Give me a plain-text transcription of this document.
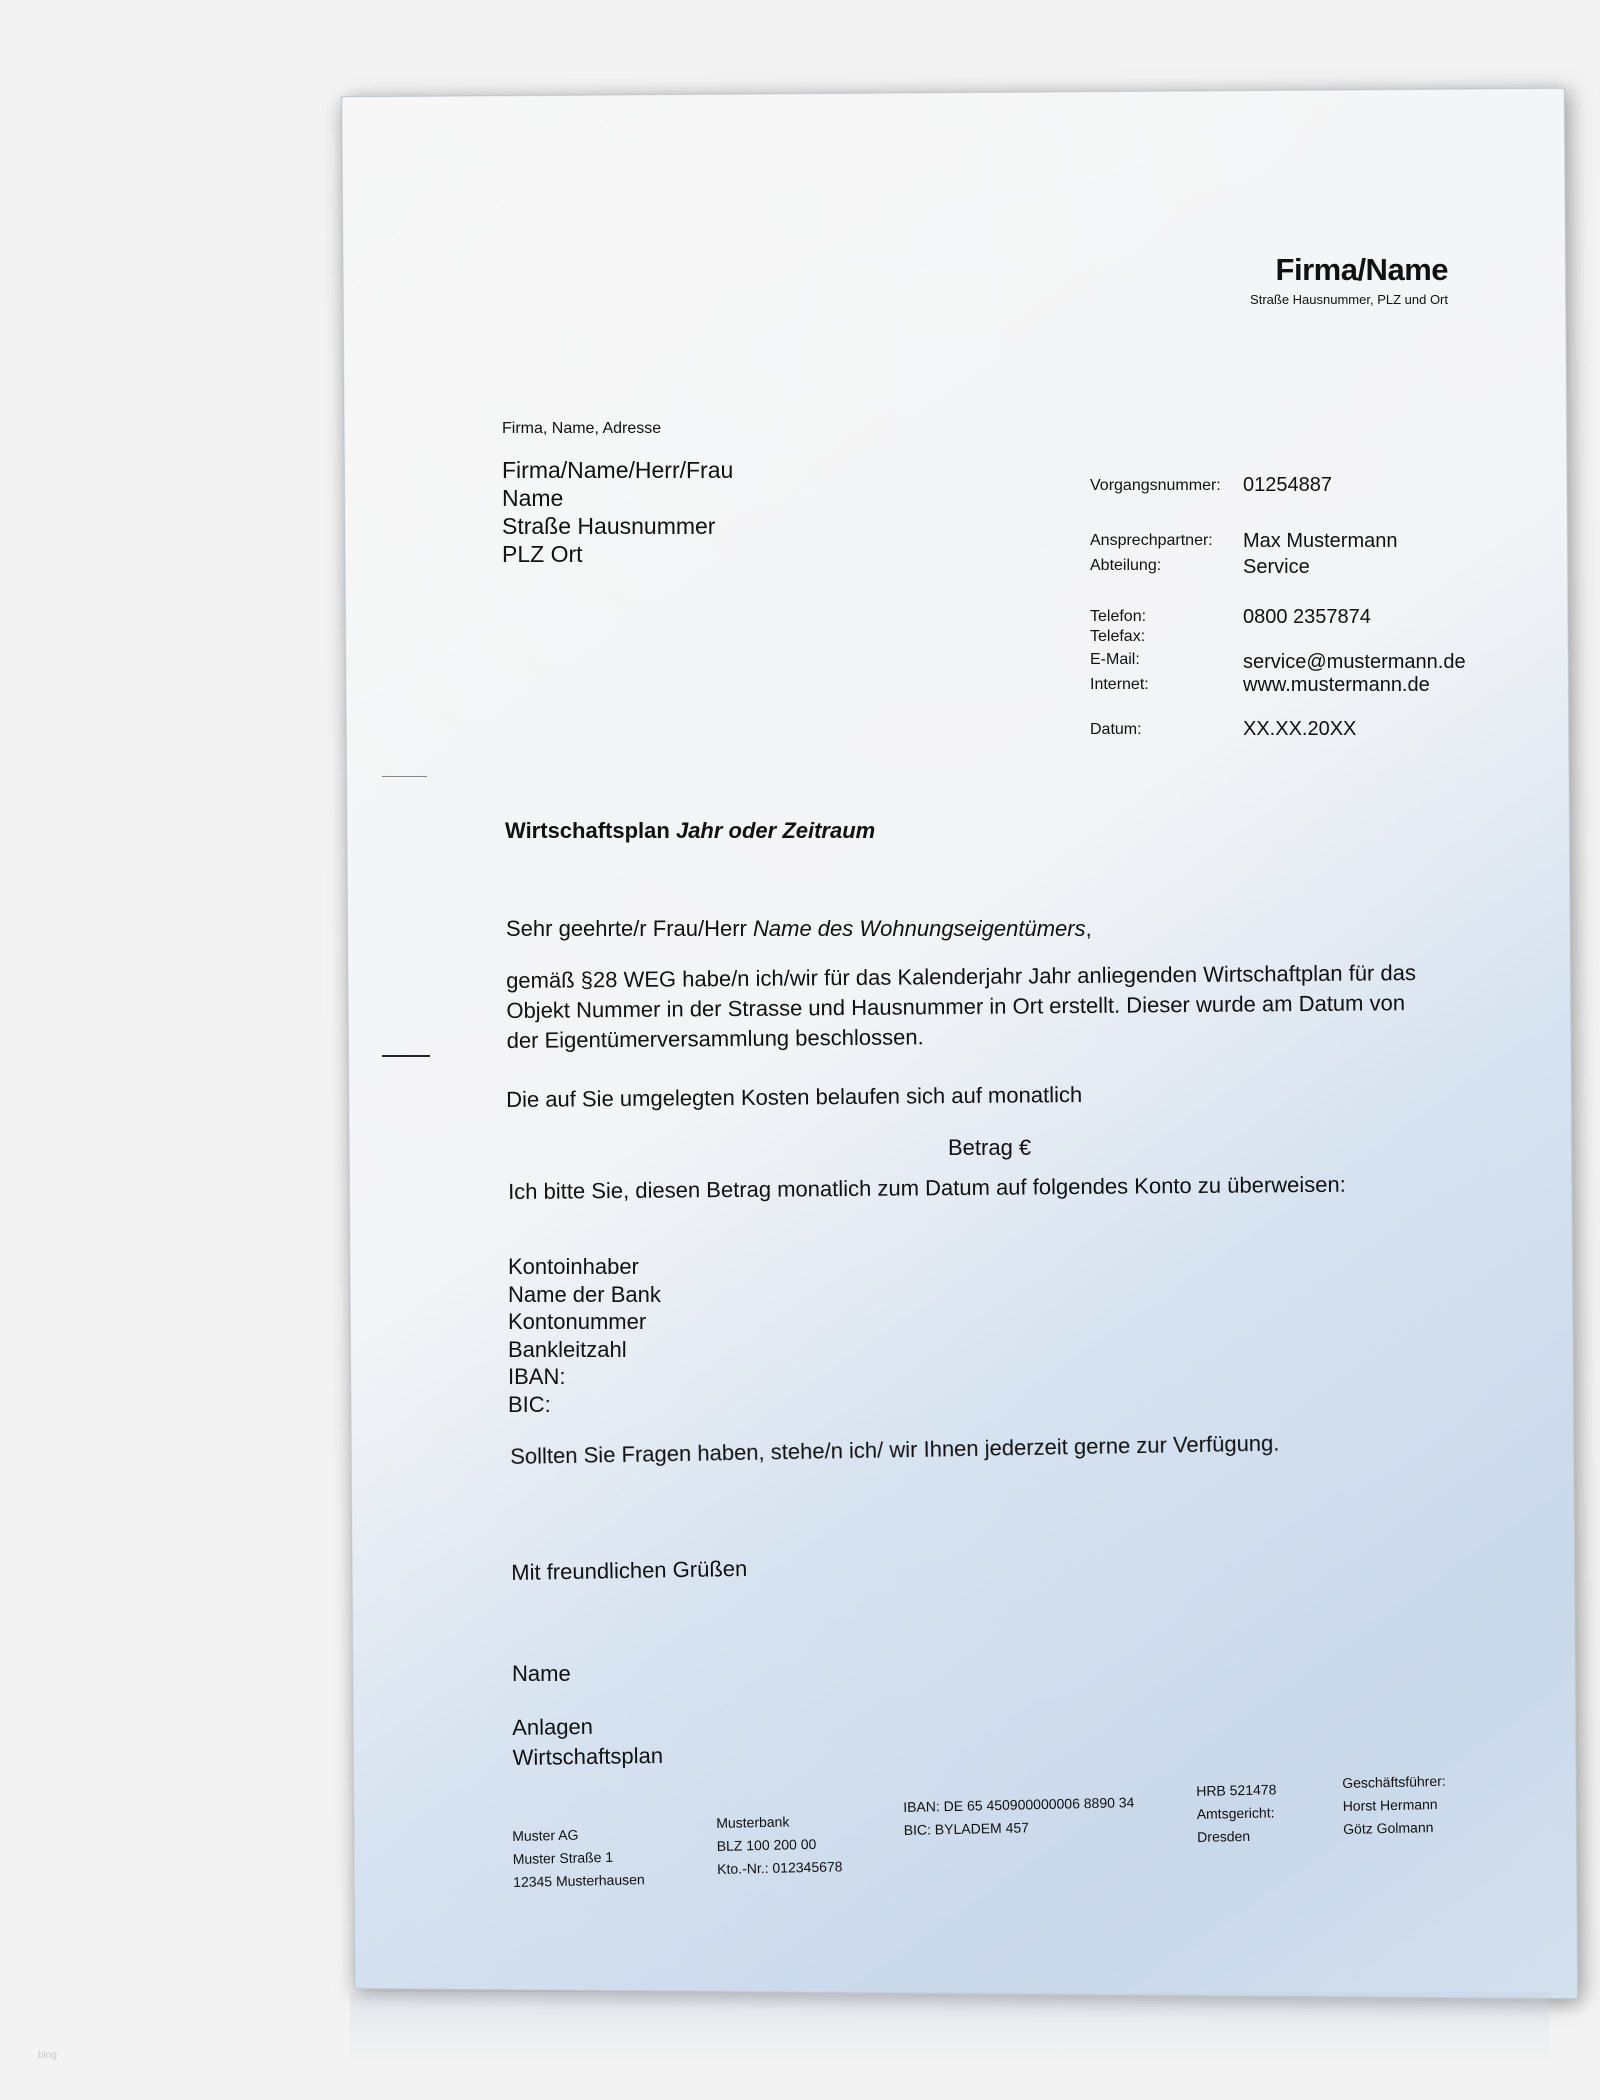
Firma/Name
Straße Hausnummer, PLZ und Ort
Firma, Name, Adresse
Firma/Name/Herr/Frau
Name
Straße Hausnummer
PLZ Ort
Vorgangsnummer: 01254887
Ansprechpartner: Max Mustermann
Abteilung:	Service
Telefon:	0800 2357874
Telefax:
E-Mail:	service@mustermann.de
Internet:	www.mustermann.de
Datum:	XX.XX.20XX
Wirtschaftsplan Jahr oder Zeitraum
Sehr geehrte/r Frau/Herr Name des Wohnungseigentümers,
gemäß §28 WEG habe/n ich/wir für das Kalenderjahr Jahr anliegenden Wirtschaftplan für das
Objekt Nummer in der Strasse und Hausnummer in Ort erstellt. Dieser wurde am Datum von
der Eigentümerversammlung beschlossen.
Die auf Sie umgelegten Kosten belaufen sich auf monatlich
Betrag €
Ich bitte Sie, diesen Betrag monatlich zum Datum auf folgendes Konto zu überweisen:
Kontoinhaber
Name der Bank
Kontonummer
Bankleitzahl
IBAN:
BIC:
Sollten Sie Fragen haben, stehe/n ich/ wir Ihnen jederzeit gerne zur Verfügung.
Mit freundlichen Grüßen
Name
Anlagen
Wirtschaftsplan
Muster AG
Muster Straße 1
12345 Musterhausen
Musterbank
BLZ 100 200 00
Kto.-Nr.: 012345678
IBAN: DE 65 450900000006 8890 34
BIC: BYLADEM 457
HRB 521478
Amtsgericht:
Dresden
Geschäftsführer:
Horst Hermann
Götz Golmann
blog
